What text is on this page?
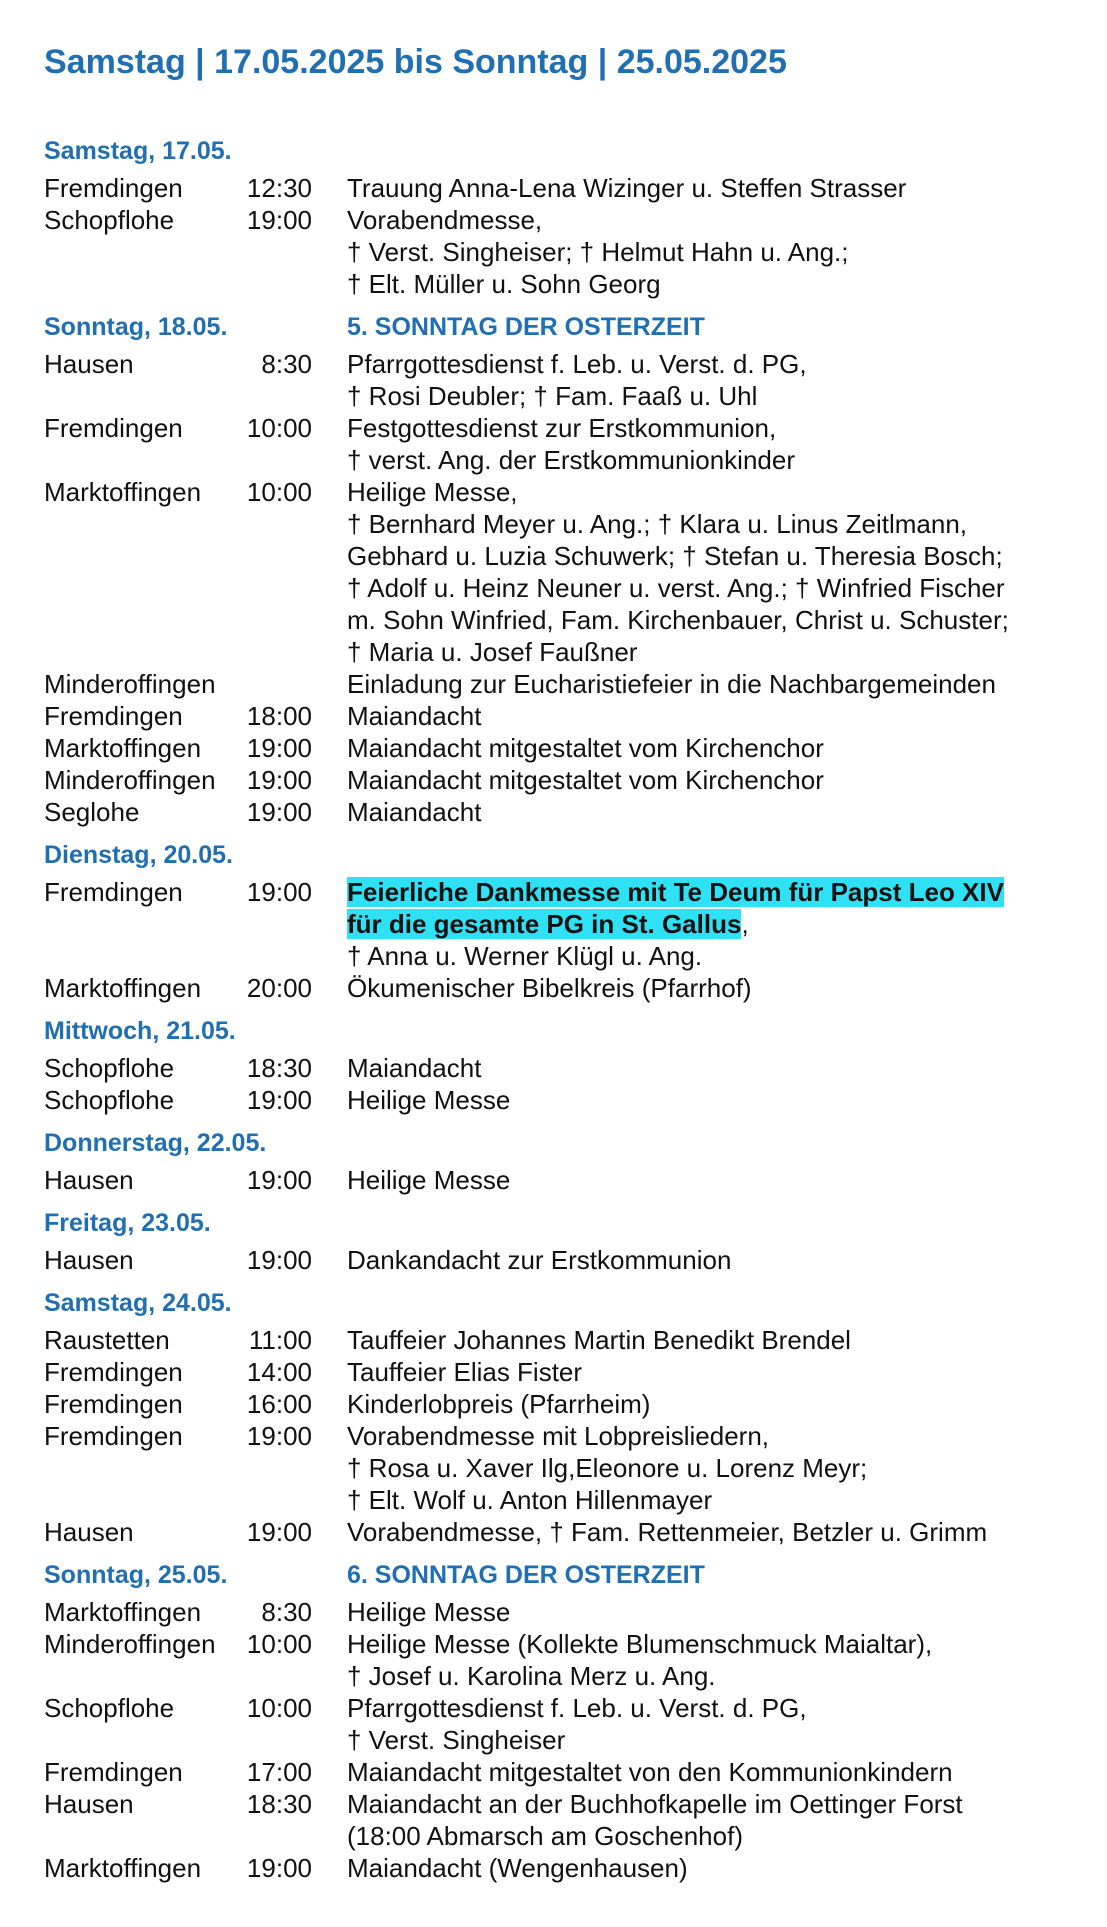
Samstag | 17.05.2025 bis Sonntag | 25.05.2025
Samstag, 17.05.
Fremdingen	12:30 Trauung Anna-Lena Wizinger u. Steffen Strasser
Schopflohe	19:00 Vorabendmesse,
† Verst. Singheiser; † Helmut Hahn u. Ang.;
† Elt. Müller u. Sohn Georg
Sonntag, 18.05.	5. SONNTAG DER OSTERZEIT
Hausen	8:30 Pfarrgottesdienst f. Leb. u. Verst. d. PG,
† Rosi Deubler; † Fam. Faaß u. Uhl
Fremdingen	10:00 Festgottesdienst zur Erstkommunion,
† verst. Ang. der Erstkommunionkinder
Marktoffingen	10:00 Heilige Messe,
† Bernhard Meyer u. Ang.; † Klara u. Linus Zeitlmann,
Gebhard u. Luzia Schuwerk; † Stefan u. Theresia Bosch;
† Adolf u. Heinz Neuner u. verst. Ang.; † Winfried Fischer
m. Sohn Winfried, Fam. Kirchenbauer, Christ u. Schuster;
† Maria u. Josef Faußner
Minderoffingen	Einladung zur Eucharistiefeier in die Nachbargemeinden
Fremdingen	18:00 Maiandacht
Marktoffingen	19:00 Maiandacht mitgestaltet vom Kirchenchor
Minderoffingen	19:00 Maiandacht mitgestaltet vom Kirchenchor
Seglohe	19:00 Maiandacht
Dienstag, 20.05.
Fremdingen	19:00 Feierliche Dankmesse mit Te Deum für Papst Leo XIV
für die gesamte PG in St. Gallus,
† Anna u. Werner Klügl u. Ang.
Marktoffingen	20:00 Ökumenischer Bibelkreis (Pfarrhof)
Mittwoch, 21.05.
Schopflohe	18:30 Maiandacht
Schopflohe	19:00 Heilige Messe
Donnerstag, 22.05.
Hausen	19:00 Heilige Messe
Freitag, 23.05.
Hausen	19:00 Dankandacht zur Erstkommunion
Samstag, 24.05.
Raustetten	11:00 Tauffeier Johannes Martin Benedikt Brendel
Fremdingen	14:00 Tauffeier Elias Fister
Fremdingen	16:00 Kinderlobpreis (Pfarrheim)
Fremdingen	19:00 Vorabendmesse mit Lobpreisliedern,
† Rosa u. Xaver Ilg,Eleonore u. Lorenz Meyr;
† Elt. Wolf u. Anton Hillenmayer
Hausen	19:00 Vorabendmesse, † Fam. Rettenmeier, Betzler u. Grimm
Sonntag, 25.05.	6. SONNTAG DER OSTERZEIT
Marktoffingen	8:30 Heilige Messe
Minderoffingen	10:00 Heilige Messe (Kollekte Blumenschmuck Maialtar),
† Josef u. Karolina Merz u. Ang.
Schopflohe	10:00 Pfarrgottesdienst f. Leb. u. Verst. d. PG,
† Verst. Singheiser
Fremdingen	17:00 Maiandacht mitgestaltet von den Kommunionkindern
Hausen	18:30 Maiandacht an der Buchhofkapelle im Oettinger Forst
(18:00 Abmarsch am Goschenhof)
Marktoffingen	19:00 Maiandacht (Wengenhausen)
